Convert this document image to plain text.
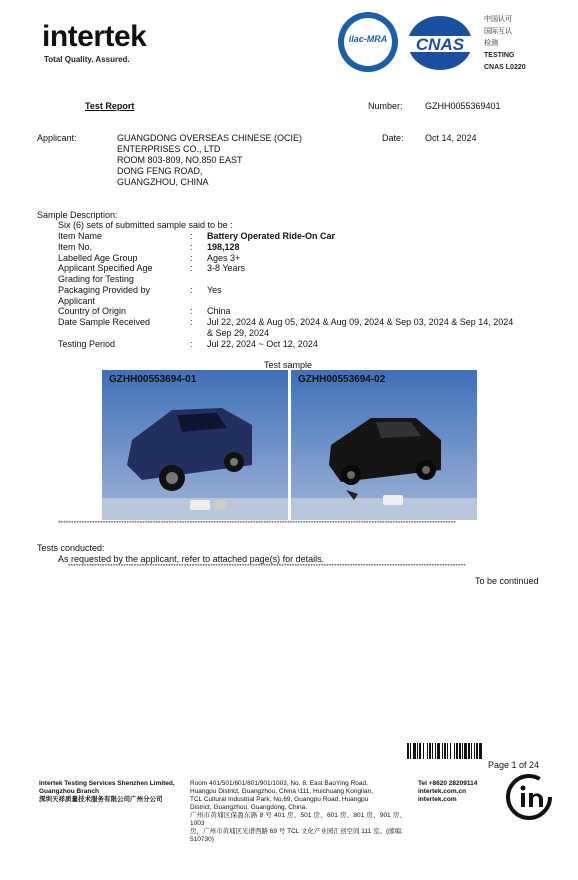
intertek
Total Quality. Assured.
ilac-MRA	CNAS
中国认可
国际互认
检测
TESTING
CNAS L0220
Test Report	Number: GZHH00553694​01
Applicant:	GUANGDONG OVERSEAS CHINESE (OCIE)
ENTERPRISES CO., LTD
ROOM 803-809, NO.850 EAST
DONG FENG ROAD,
GUANGZHOU, CHINA
Date: Oct 14, 2024
Sample Description:
Six (6) sets of submitted sample said to be :
Item Name	: Battery Operated Ride-On Car
Item No.	: 198,128
Labelled Age Group	: Ages 3+
Applicant Specified Age	: 3-8 Years
Grading for Testing
Packaging Provided by	: Yes
Applicant
Country of Origin	: China
Date Sample Received	: Jul 22, 2024 & Aug 05, 2024 & Aug 09, 2024 & Sep 03, 2024 & Sep 14, 2024
& Sep 29, 2024
Testing Period	: Jul 22, 2024 ~ Oct 12, 2024
Test sample
GZHH00553694-01	GZHH00553694-02
*******************************************************************************************************************************************************
Tests conducted:
As requested by the applicant, refer to attached page(s) for details.
*******************************************************************************************************************************************************
To be continued
Page 1 of 24
Intertek Testing Services Shenzhen Limited,
Guangzhou Branch
深圳天祥质量技术服务有限公司广州分公司
Room 401/501/601/801/901/1003, No. 8, East BaoYing Road,
Huangpu District, Guangzhou, China \111, Huichuang Konglian,
TCL Cultural Industrial Park, No.69, Guangpu Road, Huangpu
District, Guangzhou, Guangdong, China.
广州市黄埔区保盈东路 8 号 401 房、501 房、601 房、801 房、901 房、1003
房，广州市黄埔区光谱西路 69 号 TCL 文化产业园汇创空间 111 室。(邮编:
510730)
Tel +8620 28209114
intertek.com.cn
intertek.com
